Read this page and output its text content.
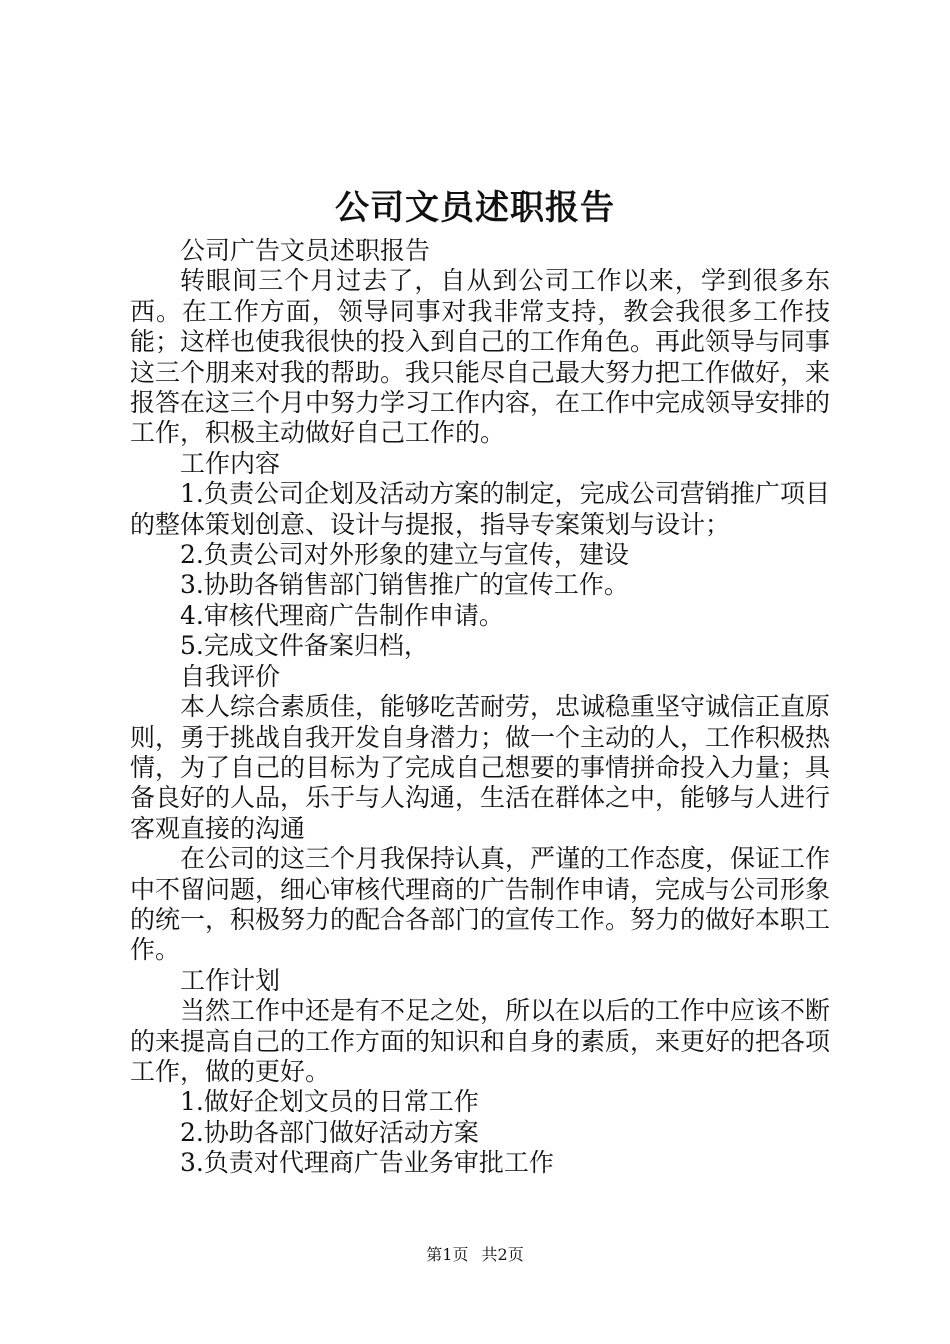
公司文员述职报告

公司广告文员述职报告

转眼间三个月过去了，自从到公司工作以来，学到很多东西。在工作方面，领导同事对我非常支持，教会我很多工作技能；这样也使我很快的投入到自己的工作角色。再此领导与同事这三个朋来对我的帮助。我只能尽自己最大努力把工作做好，来报答在这三个月中努力学习工作内容，在工作中完成领导安排的工作，积极主动做好自己工作的。

工作内容

1.负责公司企划及活动方案的制定，完成公司营销推广项目的整体策划创意、设计与提报，指导专案策划与设计；

2.负责公司对外形象的建立与宣传，建设

3.协助各销售部门销售推广的宣传工作。

4.审核代理商广告制作申请。

5.完成文件备案归档，

自我评价

本人综合素质佳，能够吃苦耐劳，忠诚稳重坚守诚信正直原则，勇于挑战自我开发自身潜力；做一个主动的人，工作积极热情，为了自己的目标为了完成自己想要的事情拼命投入力量；具备良好的人品，乐于与人沟通，生活在群体之中，能够与人进行客观直接的沟通

在公司的这三个月我保持认真，严谨的工作态度，保证工作中不留问题，细心审核代理商的广告制作申请，完成与公司形象的统一，积极努力的配合各部门的宣传工作。努力的做好本职工作。

工作计划

当然工作中还是有不足之处，所以在以后的工作中应该不断的来提高自己的工作方面的知识和自身的素质，来更好的把各项工作，做的更好。

1.做好企划文员的日常工作

2.协助各部门做好活动方案

3.负责对代理商广告业务审批工作

第1页 共2页
